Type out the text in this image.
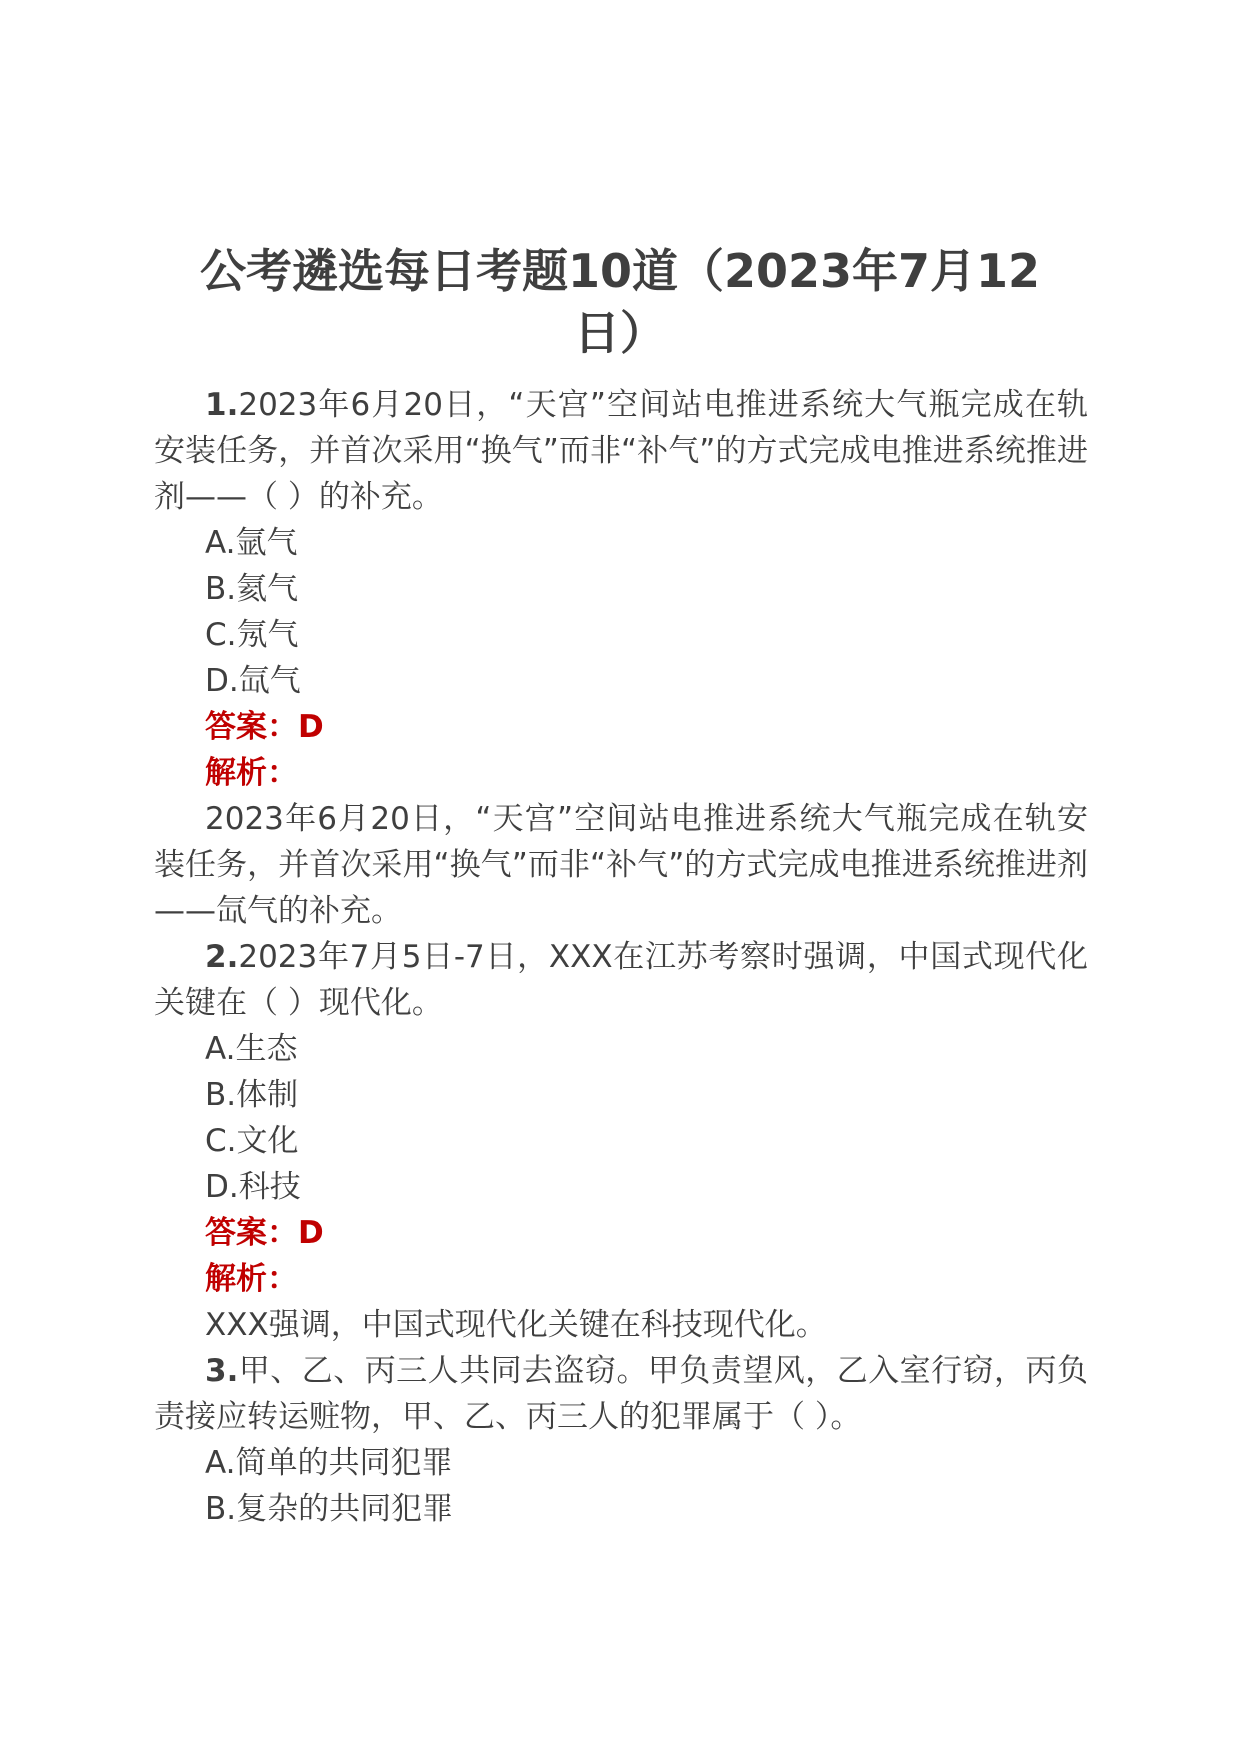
公考遴选每日考题10道（2023年7月12日）

1.2023年6月20日，“天宫”空间站电推进系统大气瓶完成在轨安装任务，并首次采用“换气”而非“补气”的方式完成电推进系统推进剂——（ ）的补充。

A.氩气

B.氦气

C.氖气

D.氙气

答案：D

解析：

2023年6月20日，“天宫”空间站电推进系统大气瓶完成在轨安装任务，并首次采用“换气”而非“补气”的方式完成电推进系统推进剂——氙气的补充。

2.2023年7月5日-7日，XXX在江苏考察时强调，中国式现代化关键在（ ）现代化。

A.生态

B.体制

C.文化

D.科技

答案：D

解析：

XXX强调，中国式现代化关键在科技现代化。

3.甲、乙、丙三人共同去盗窃。甲负责望风，乙入室行窃，丙负责接应转运赃物，甲、乙、丙三人的犯罪属于（ ）。

A.简单的共同犯罪

B.复杂的共同犯罪
